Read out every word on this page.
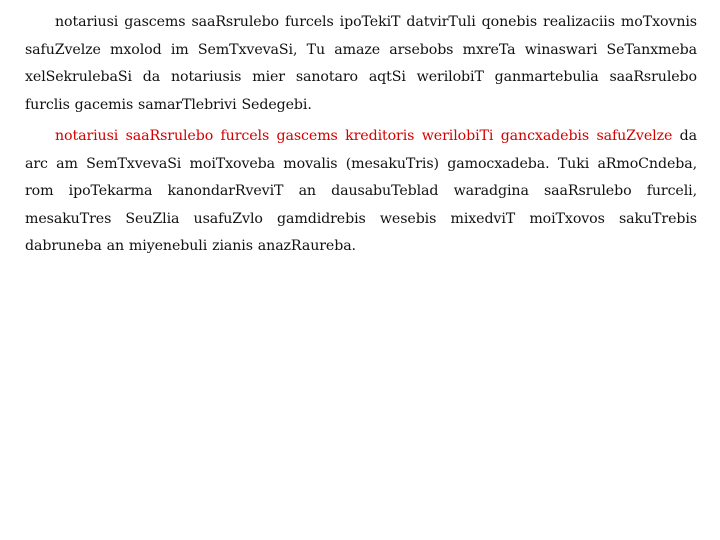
notariusi gascems saaRsrulebo furcels ipoTekiT datvirTuli qonebis realizaciis moTxovnis safuZvelze mxolod im SemTxvevaSi, Tu amaze arsebobs mxreTa winaswari SeTanxmeba xelSekrulebaSi da notariusis mier sanotaro aqtSi werilobiT ganmartebulia saaRsrulebo furclis gacemis samarTlebrivi Sedegebi.

notariusi saaRsrulebo furcels gascems kreditoris werilobiTi gancxadebis safuZvelze da arc am SemTxvevaSi moiTxoveba movalis (mesakuTris) gamocxadeba. Tuki aRmoCndeba, rom ipoTekarma kanondarRveviT an dausabuTeblad waradgina saaRsrulebo furceli, mesakuTres SeuZlia usafuZvlo gamdidrebis wesebis mixedviT moiTxovos sakuTrebis dabruneba an miyenebuli zianis anazRaureba.
